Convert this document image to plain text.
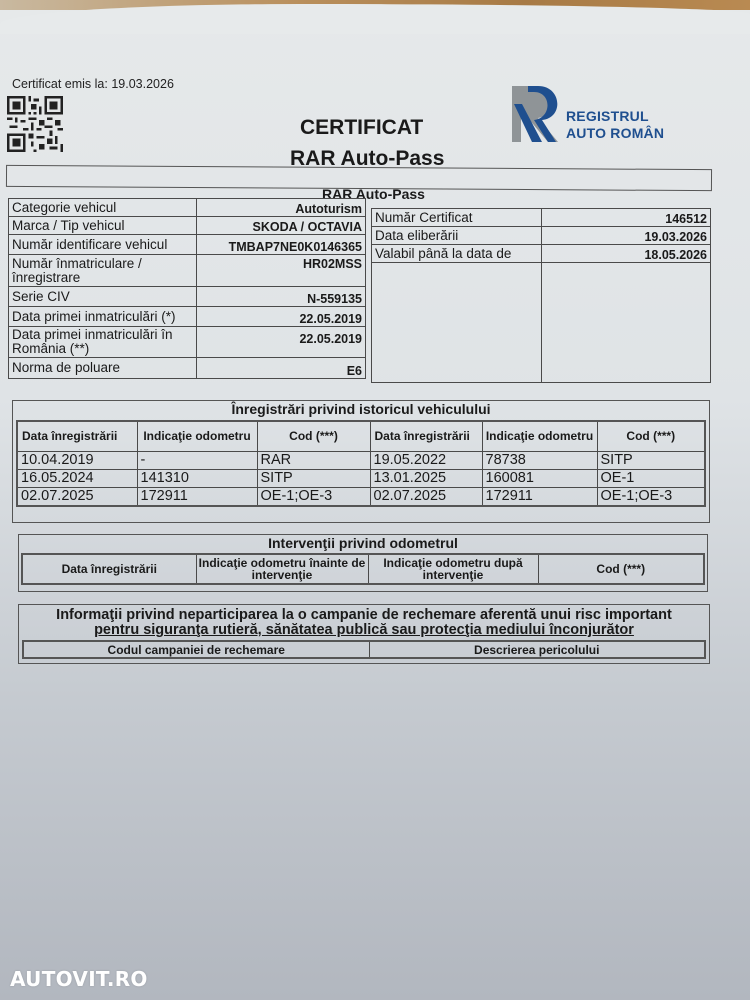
Certificat emis la: 19.03.2026
CERTIFICAT
RAR Auto-Pass
REGISTRUL
AUTO ROMÂN
RAR Auto-Pass
Categorie vehicul	Autoturism
Marca / Tip vehicul	SKODA / OCTAVIA
Număr identificare vehicul	TMBAP7NE0K0146365
Număr înmatriculare / înregistrare	HR02MSS
Serie CIV	N-559135
Data primei inmatriculări (*)	22.05.2019
Data primei inmatriculări în România (**)	22.05.2019
Norma de poluare	E6
Număr Certificat	146512
Data eliberării	19.03.2026
Valabil până la data de	18.05.2026

Înregistrări privind istoricul vehiculului
Data înregistrării	Indicaţie odometru	Cod (***)	Data înregistrării	Indicaţie odometru	Cod (***)
10.04.2019	-	RAR	19.05.2022	78738	SITP
16.05.2024	141310	SITP	13.01.2025	160081	OE-1
02.07.2025	172911	OE-1;OE-3	02.07.2025	172911	OE-1;OE-3
Intervenţii privind odometrul
Data înregistrării	Indicaţie odometru înainte de intervenţie	Indicaţie odometru după intervenţie	Cod (***)
Informaţii privind neparticiparea la o campanie de rechemare aferentă unui risc important
pentru siguranţa rutieră, sănătatea publică sau protecţia mediului înconjurător
Codul campaniei de rechemare	Descrierea pericolului
AUTOVIT.RO
